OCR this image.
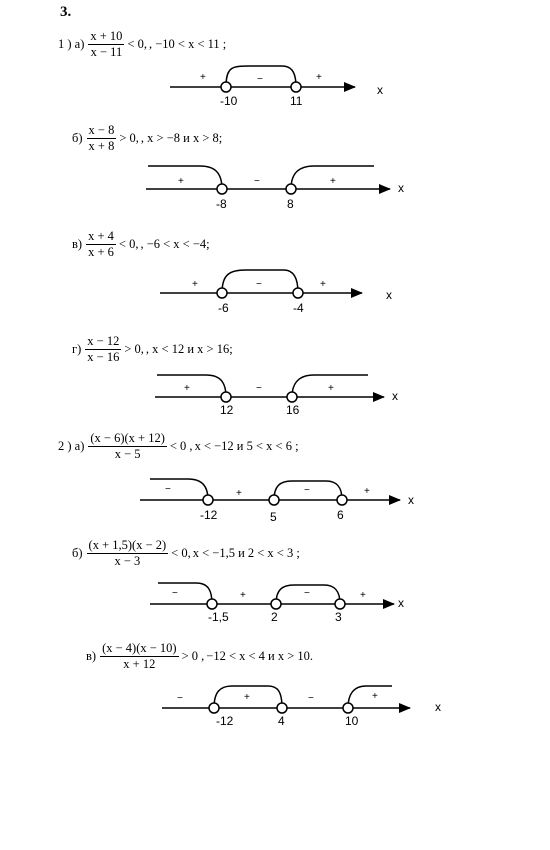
3.
1 ) $а) \frac{x + 10}{x - 11} < 0$, , −10 < x < 11 ;
$б) \frac{x - 8}{x + 8} > 0$, , x > −8 и x > 8;
$в) \frac{x + 4}{x + 6} < 0$, , −6 < x < −4;
$г) \frac{x - 12}{x - 16} > 0$, , x < 12 и x > 16;
2 ) $а) \frac{(x - 6)(x + 12)}{x - 5} < 0$ , x < −12 и 5 < x < 6 ;
$б) \frac{(x + 1,5)(x - 2)}{x - 3} < 0$, x < −1,5 и 2 < x < 3 ;
$в) \frac{(x - 4)(x - 10)}{x + 12} > 0$ , −12 < x < 4 и x > 10.
+	−	+
-10	11
x
+	−	+
-8	8
x
+	−	+
-6	-4
x
+	−	+
12	16
x
−	+	−	+
-12	5	6
x
−	+	−	+
-1,5	2	3
x
−	+	−	+
-12	4	10
x
